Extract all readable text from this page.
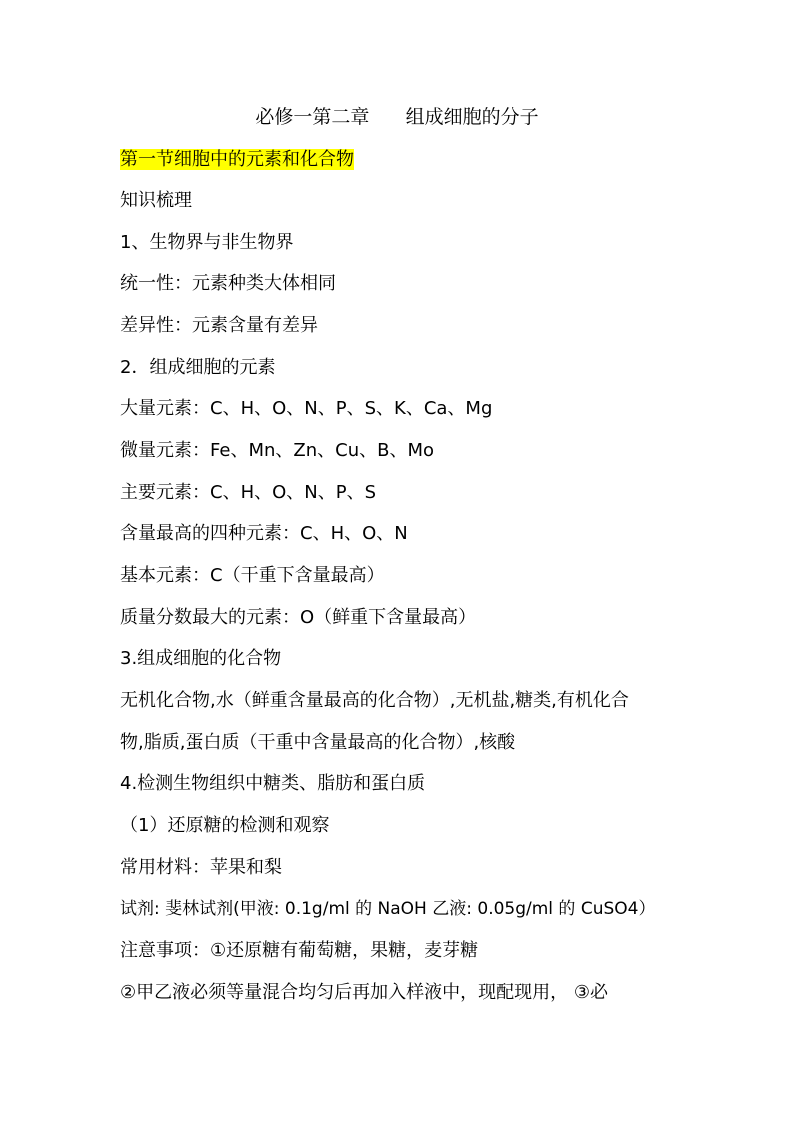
必修一第二章      组成细胞的分子
第一节细胞中的元素和化合物
知识梳理
1、生物界与非生物界
统一性：元素种类大体相同
差异性：元素含量有差异
2．组成细胞的元素
大量元素：C、H、O、N、P、S、K、Ca、Mg
微量元素：Fe、Mn、Zn、Cu、B、Mo
主要元素：C、H、O、N、P、S
含量最高的四种元素：C、H、O、N
基本元素：C（干重下含量最高）
质量分数最大的元素：O（鲜重下含量最高）
3.组成细胞的化合物
无机化合物,水（鲜重含量最高的化合物）,无机盐,糖类,有机化合
物,脂质,蛋白质（干重中含量最高的化合物）,核酸
4.检测生物组织中糖类、脂肪和蛋白质
（1）还原糖的检测和观察
常用材料：苹果和梨
试剂: 斐林试剂(甲液: 0.1g/ml 的 NaOH 乙液: 0.05g/ml 的 CuSO4）
注意事项：①还原糖有葡萄糖，果糖，麦芽糖
②甲乙液必须等量混合均匀后再加入样液中，现配现用， ③必
